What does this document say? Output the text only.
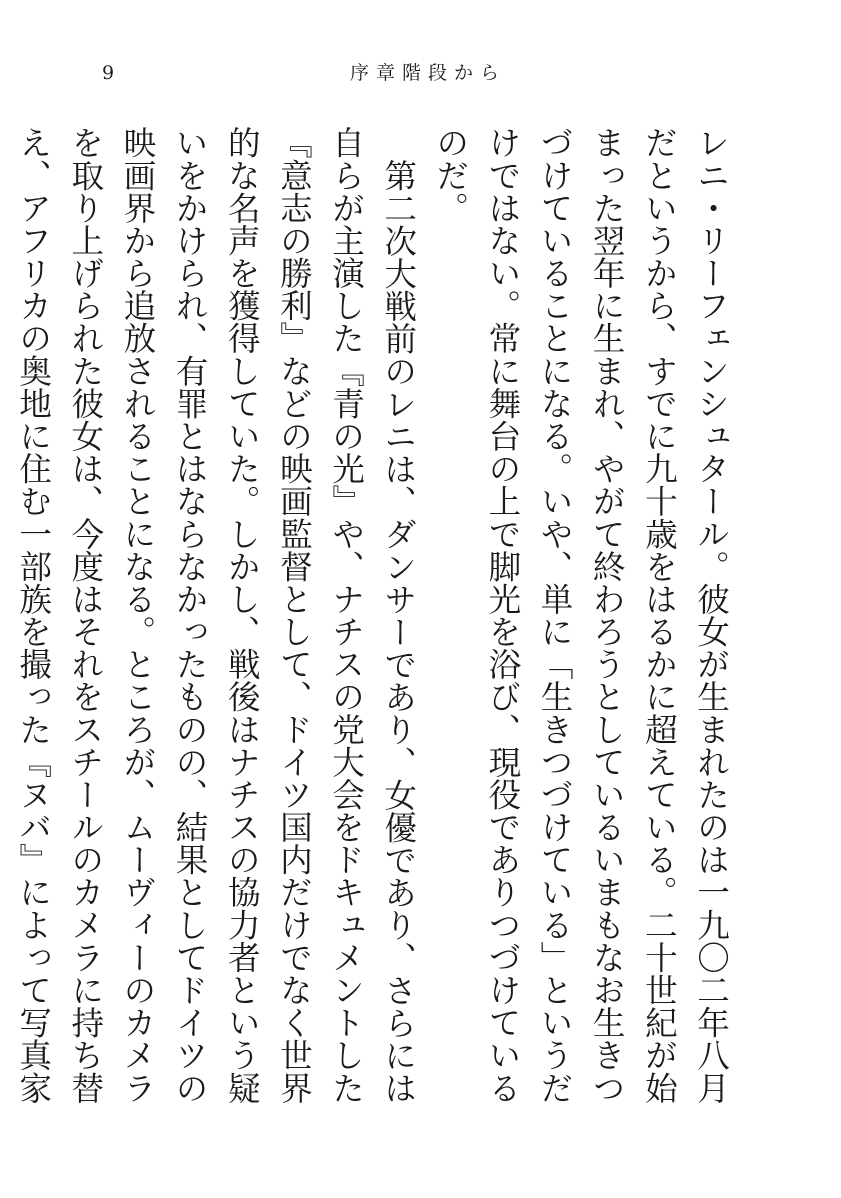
9	序章階段から

レニ・リーフェンシュタール。彼女が生まれたのは一九〇二年八月だというから、すでに九十歳をはるかに超えている。二十世紀が始まった翌年に生まれ、やがて終わろうとしているいまもなお生きつづけていることになる。いや、単に「生きつづけている」というだけではない。常に舞台の上で脚光を浴び、現役でありつづけているのだ。

第二次大戦前のレニは、ダンサーであり、女優であり、さらには自らが主演した『青の光』や、ナチスの党大会をドキュメントした『意志の勝利』などの映画監督として、ドイツ国内だけでなく世界的な名声を獲得していた。しかし、戦後はナチスの協力者という疑いをかけられ、有罪とはならなかったものの、結果としてドイツの映画界から追放されることになる。ところが、ムーヴィーのカメラを取り上げられた彼女は、今度はそれをスチールのカメラに持ち替え、アフリカの奥地に住む一部族を撮った『ヌバ』によって写真家
